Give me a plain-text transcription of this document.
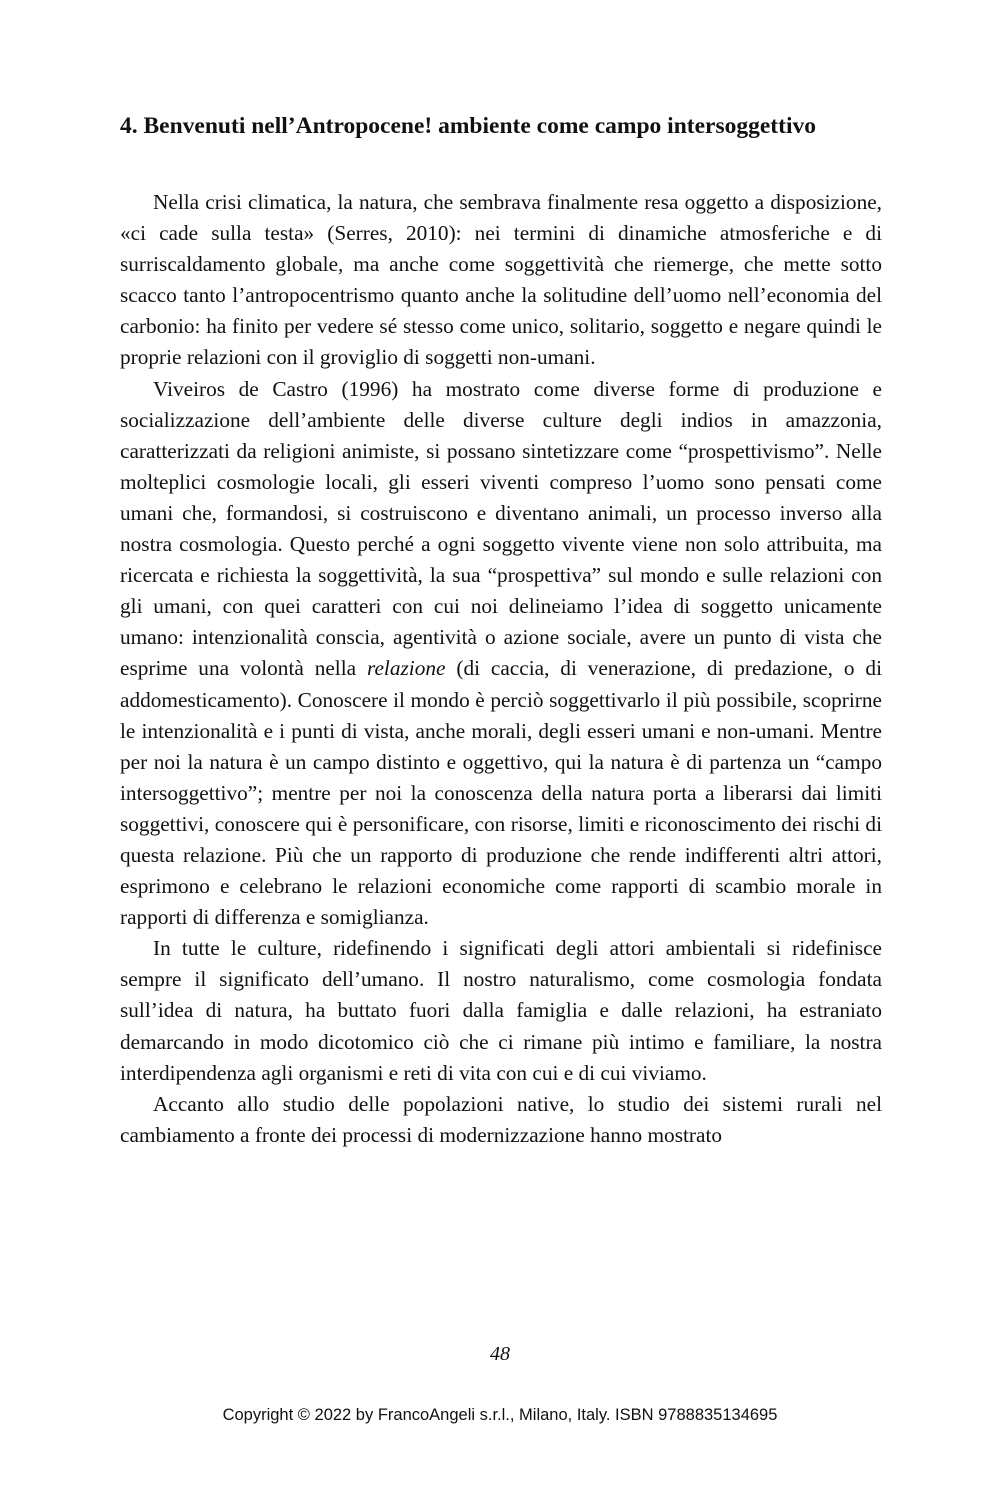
4. Benvenuti nell’Antropocene! ambiente come campo intersoggettivo

Nella crisi climatica, la natura, che sembrava finalmente resa oggetto a disposizione, «ci cade sulla testa» (Serres, 2010): nei termini di dinamiche atmosferiche e di surriscaldamento globale, ma anche come soggettività che riemerge, che mette sotto scacco tanto l’antropocentrismo quanto anche la solitudine dell’uomo nell’economia del carbonio: ha finito per vedere sé stesso come unico, solitario, soggetto e negare quindi le proprie relazioni con il groviglio di soggetti non-umani.

Viveiros de Castro (1996) ha mostrato come diverse forme di produzione e socializzazione dell’ambiente delle diverse culture degli indios in amazzonia, caratterizzati da religioni animiste, si possano sintetizzare come “prospettivismo”. Nelle molteplici cosmologie locali, gli esseri viventi compreso l’uomo sono pensati come umani che, formandosi, si costruiscono e diventano animali, un processo inverso alla nostra cosmologia. Questo perché a ogni soggetto vivente viene non solo attribuita, ma ricercata e richiesta la soggettività, la sua “prospettiva” sul mondo e sulle relazioni con gli umani, con quei caratteri con cui noi delineiamo l’idea di soggetto unicamente umano: intenzionalità conscia, agentività o azione sociale, avere un punto di vista che esprime una volontà nella relazione (di caccia, di venerazione, di predazione, o di addomesticamento). Conoscere il mondo è perciò soggettivarlo il più possibile, scoprirne le intenzionalità e i punti di vista, anche morali, degli esseri umani e non-umani. Mentre per noi la natura è un campo distinto e oggettivo, qui la natura è di partenza un “campo intersoggettivo”; mentre per noi la conoscenza della natura porta a liberarsi dai limiti soggettivi, conoscere qui è personificare, con risorse, limiti e riconoscimento dei rischi di questa relazione. Più che un rapporto di produzione che rende indifferenti altri attori, esprimono e celebrano le relazioni economiche come rapporti di scambio morale in rapporti di differenza e somiglianza.

In tutte le culture, ridefinendo i significati degli attori ambientali si ridefinisce sempre il significato dell’umano. Il nostro naturalismo, come cosmologia fondata sull’idea di natura, ha buttato fuori dalla famiglia e dalle relazioni, ha estraniato demarcando in modo dicotomico ciò che ci rimane più intimo e familiare, la nostra interdipendenza agli organismi e reti di vita con cui e di cui viviamo.

Accanto allo studio delle popolazioni native, lo studio dei sistemi rurali nel cambiamento a fronte dei processi di modernizzazione hanno mostrato

48
Copyright © 2022 by FrancoAngeli s.r.l., Milano, Italy. ISBN 9788835134695
